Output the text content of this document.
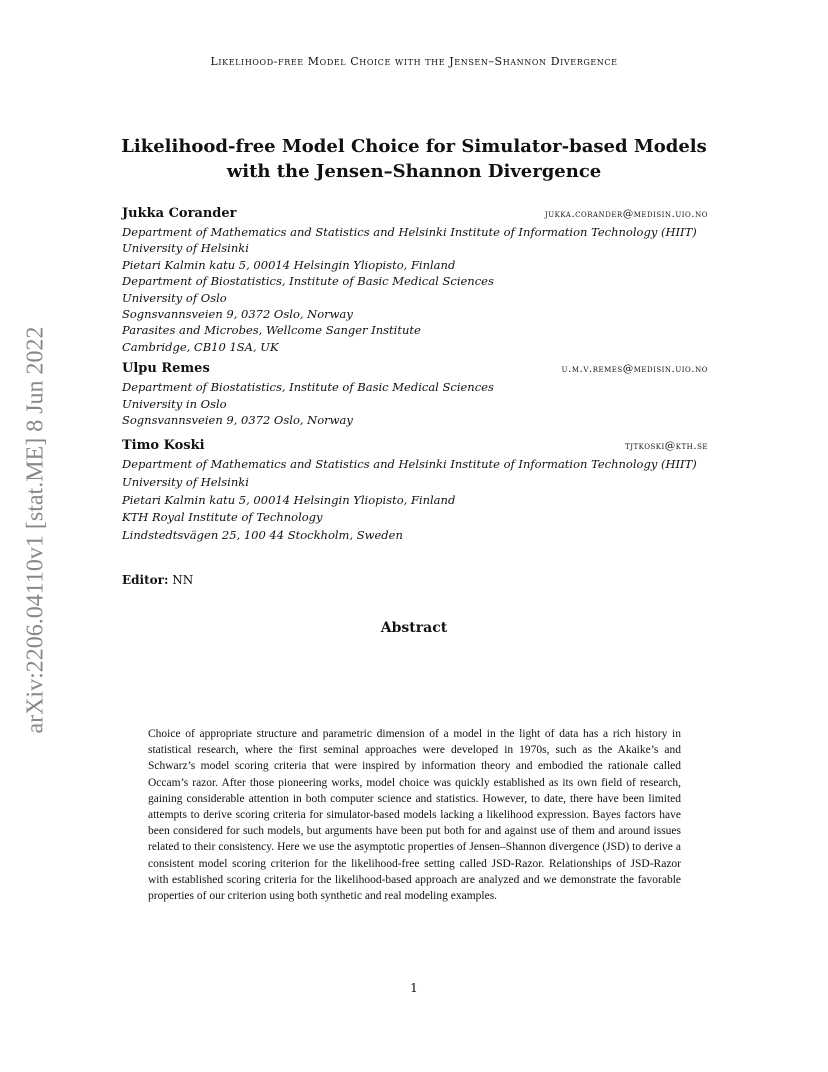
Likelihood-free Model Choice with the Jensen–Shannon Divergence
arXiv:2206.04110v1 [stat.ME] 8 Jun 2022
Likelihood-free Model Choice for Simulator-based Models
with the Jensen–Shannon Divergence
Jukka Corander	jukka.corander@medisin.uio.no
Department of Mathematics and Statistics and Helsinki Institute of Information Technology (HIIT)
University of Helsinki
Pietari Kalmin katu 5, 00014 Helsingin Yliopisto, Finland
Department of Biostatistics, Institute of Basic Medical Sciences
University of Oslo
Sognsvannsveien 9, 0372 Oslo, Norway
Parasites and Microbes, Wellcome Sanger Institute
Cambridge, CB10 1SA, UK
Ulpu Remes	u.m.v.remes@medisin.uio.no
Department of Biostatistics, Institute of Basic Medical Sciences
University in Oslo
Sognsvannsveien 9, 0372 Oslo, Norway
Timo Koski	tjtkoski@kth.se
Department of Mathematics and Statistics and Helsinki Institute of Information Technology (HIIT)
University of Helsinki
Pietari Kalmin katu 5, 00014 Helsingin Yliopisto, Finland
KTH Royal Institute of Technology
Lindstedtsvägen 25, 100 44 Stockholm, Sweden
Editor: NN
Abstract
Choice of appropriate structure and parametric dimension of a model in the light of data has a rich history in statistical research, where the first seminal approaches were developed in 1970s, such as the Akaike’s and Schwarz’s model scoring criteria that were inspired by information theory and embodied the rationale called Occam’s razor. After those pioneering works, model choice was quickly established as its own field of research, gaining considerable attention in both computer science and statistics. However, to date, there have been limited attempts to derive scoring criteria for simulator-based models lacking a likelihood expression. Bayes factors have been considered for such models, but arguments have been put both for and against use of them and around issues related to their consistency. Here we use the asymptotic properties of Jensen–Shannon divergence (JSD) to derive a consistent model scoring criterion for the likelihood-free setting called JSD-Razor. Relationships of JSD-Razor with established scoring criteria for the likelihood-based approach are analyzed and we demonstrate the favorable properties of our criterion using both synthetic and real modeling examples.
1
